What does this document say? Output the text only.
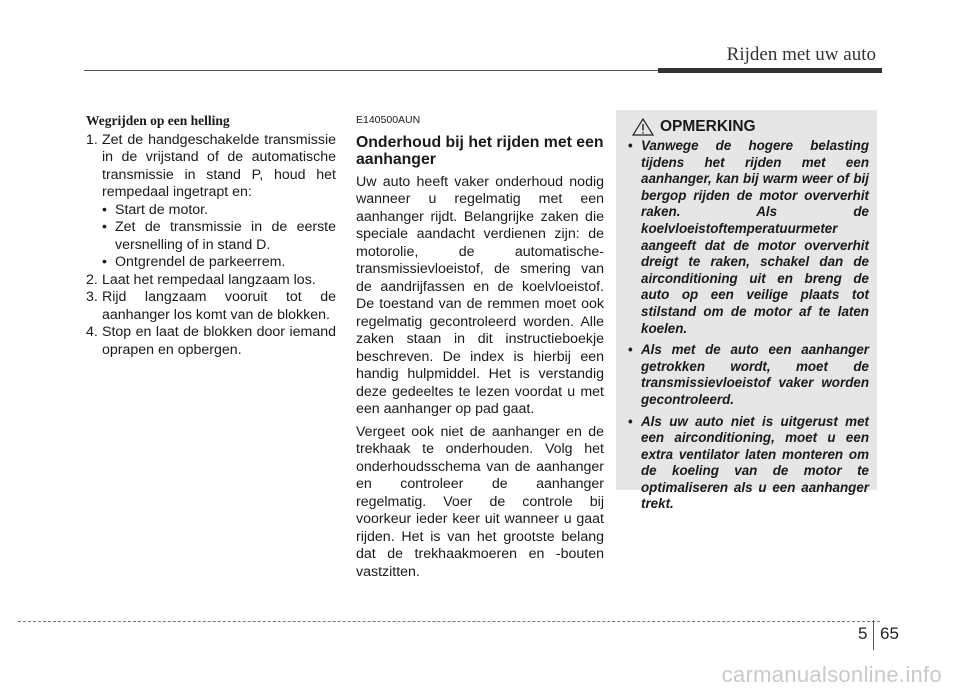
Rijden met uw auto
Wegrijden op een helling
1. Zet de handgeschakelde transmissie in de vrijstand of de automatische transmissie in stand P, houd het rempedaal ingetrapt en:
• Start de motor.
• Zet de transmissie in de eerste versnelling of in stand D.
• Ontgrendel de parkeerrem.
2. Laat het rempedaal langzaam los.
3. Rijd langzaam vooruit tot de aanhanger los komt van de blokken.
4. Stop en laat de blokken door iemand oprapen en opbergen.
E140500AUN
Onderhoud bij het rijden met een aanhanger

Uw auto heeft vaker onderhoud nodig wanneer u regelmatig met een aanhanger rijdt. Belangrijke zaken die speciale aandacht verdienen zijn: de motorolie, de automatische-transmissievloeistof, de smering van de aandrijfassen en de koelvloeistof. De toestand van de remmen moet ook regelmatig gecontroleerd worden. Alle zaken staan in dit instructieboekje beschreven. De index is hierbij een handig hulpmiddel. Het is verstandig deze gedeeltes te lezen voordat u met een aanhanger op pad gaat.

Vergeet ook niet de aanhanger en de trekhaak te onderhouden. Volg het onderhoudsschema van de aanhanger en controleer de aanhanger regelmatig. Voer de controle bij voorkeur ieder keer uit wanneer u gaat rijden. Het is van het grootste belang dat de trekhaakmoeren en -bouten vastzitten.

OPMERKING
• Vanwege de hogere belasting tijdens het rijden met een aanhanger, kan bij warm weer of bij bergop rijden de motor oververhit raken. Als de koelvloeistoftemperatuurmeter aangeeft dat de motor oververhit dreigt te raken, schakel dan de airconditioning uit en breng de auto op een veilige plaats tot stilstand om de motor af te laten koelen.
• Als met de auto een aanhanger getrokken wordt, moet de transmissievloeistof vaker worden gecontroleerd.
• Als uw auto niet is uitgerust met een airconditioning, moet u een extra ventilator laten monteren om de koeling van de motor te optimaliseren als u een aanhanger trekt.
5 65
carmanualsonline.info
